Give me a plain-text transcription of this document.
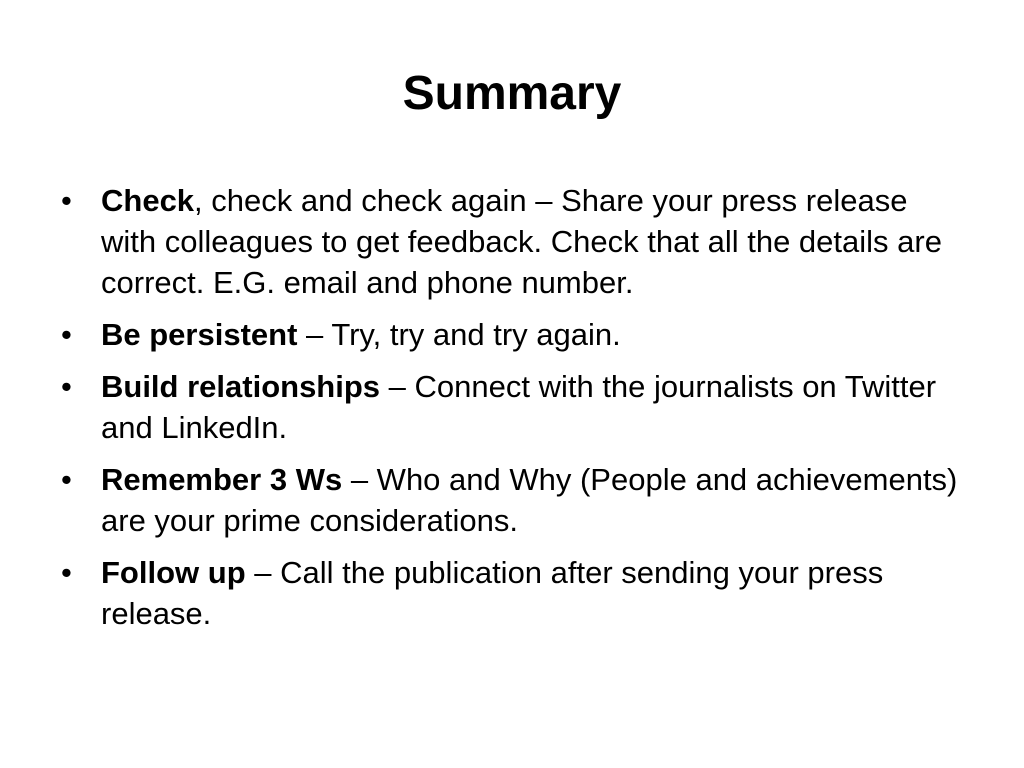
Summary
• Check, check and check again – Share your press release with colleagues to get feedback. Check that all the details are correct. E.G. email and phone number.
• Be persistent – Try, try and try again.
• Build relationships – Connect with the journalists on Twitter and LinkedIn.
• Remember 3 Ws – Who and Why (People and achievements) are your prime considerations.
• Follow up – Call the publication after sending your press release.
